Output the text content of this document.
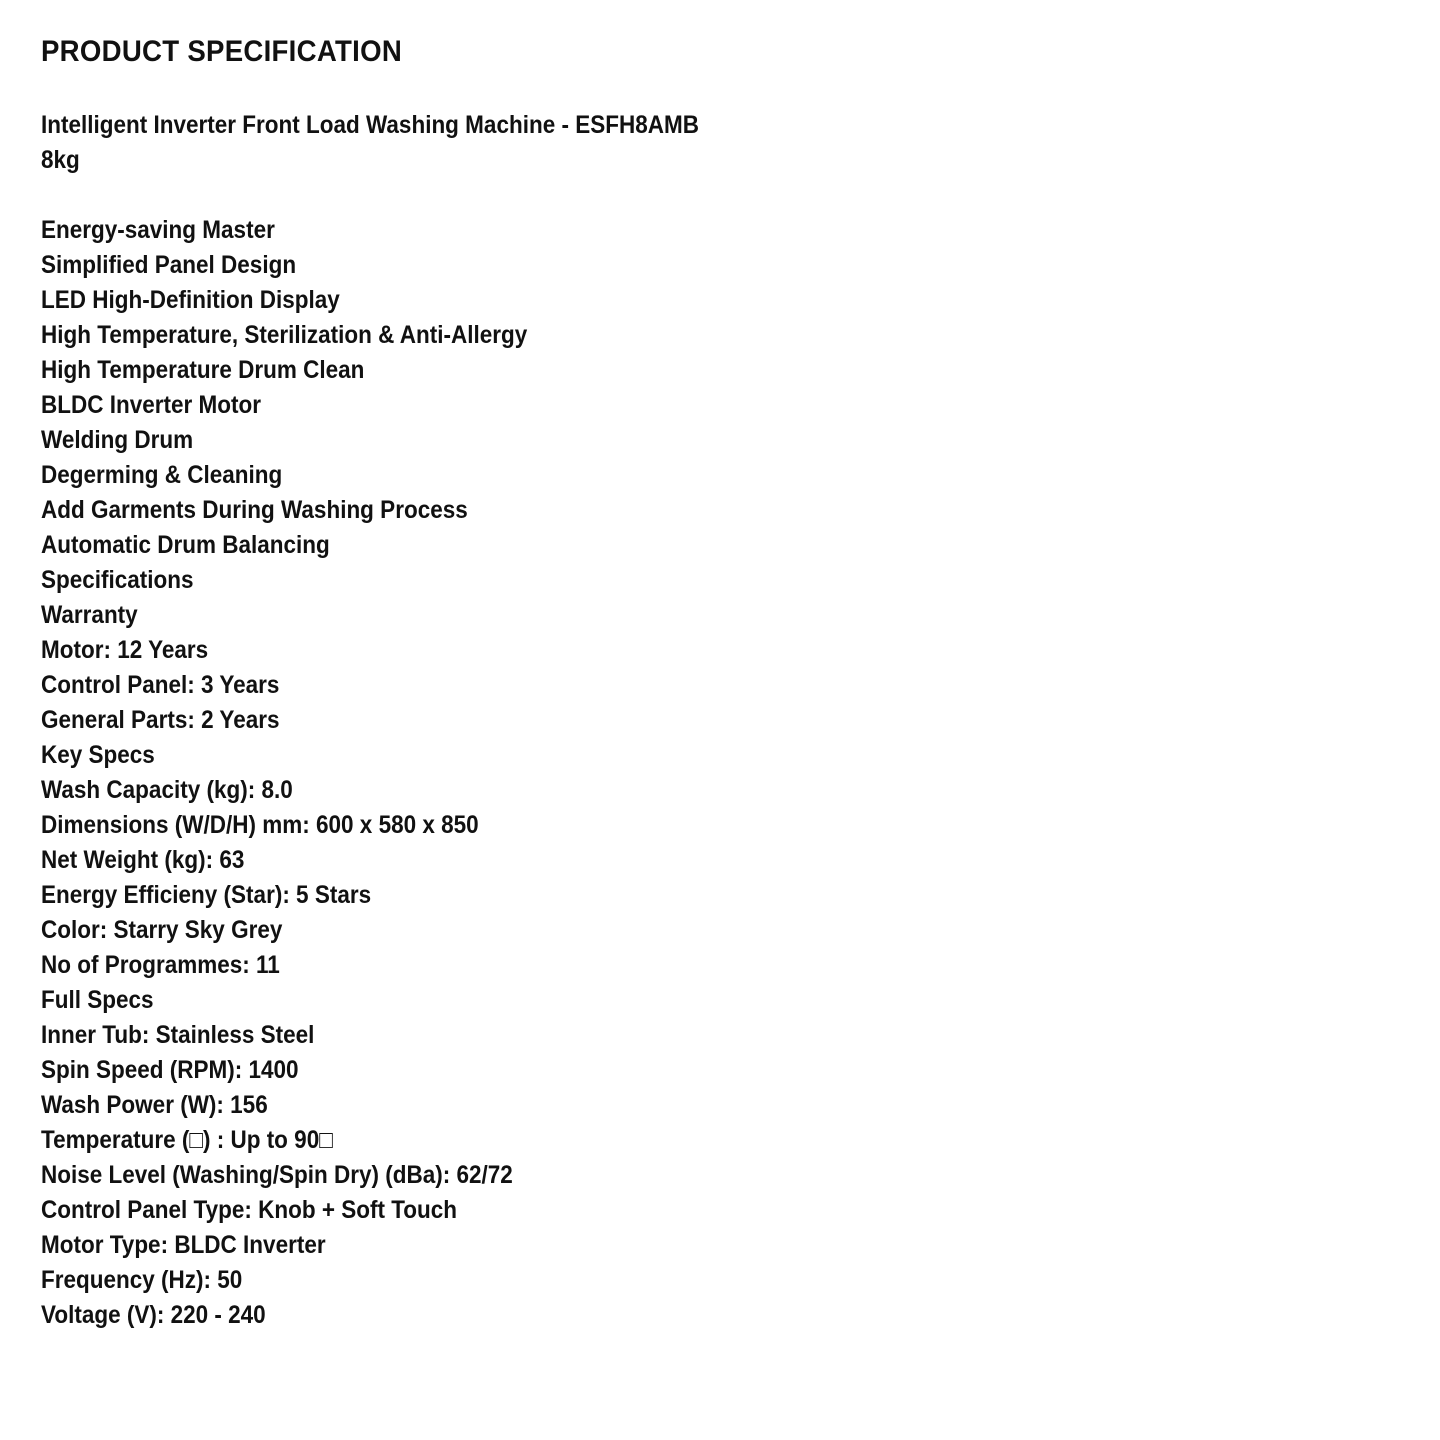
PRODUCT SPECIFICATION
Intelligent Inverter Front Load Washing Machine - ESFH8AMB
8kg
Energy-saving Master
Simplified Panel Design
LED High-Definition Display
High Temperature, Sterilization & Anti-Allergy
High Temperature Drum Clean
BLDC Inverter Motor
Welding Drum
Degerming & Cleaning
Add Garments During Washing Process
Automatic Drum Balancing
Specifications
Warranty
Motor: 12 Years
Control Panel: 3 Years
General Parts: 2 Years
Key Specs
Wash Capacity (kg): 8.0
Dimensions (W/D/H) mm: 600 x 580 x 850
Net Weight (kg): 63
Energy Efficieny (Star): 5 Stars
Color: Starry Sky Grey
No of Programmes: 11
Full Specs
Inner Tub: Stainless Steel
Spin Speed (RPM): 1400
Wash Power (W): 156
Temperature (□) : Up to 90□
Noise Level (Washing/Spin Dry) (dBa): 62/72
Control Panel Type: Knob + Soft Touch
Motor Type: BLDC Inverter
Frequency (Hz): 50
Voltage (V): 220 - 240
